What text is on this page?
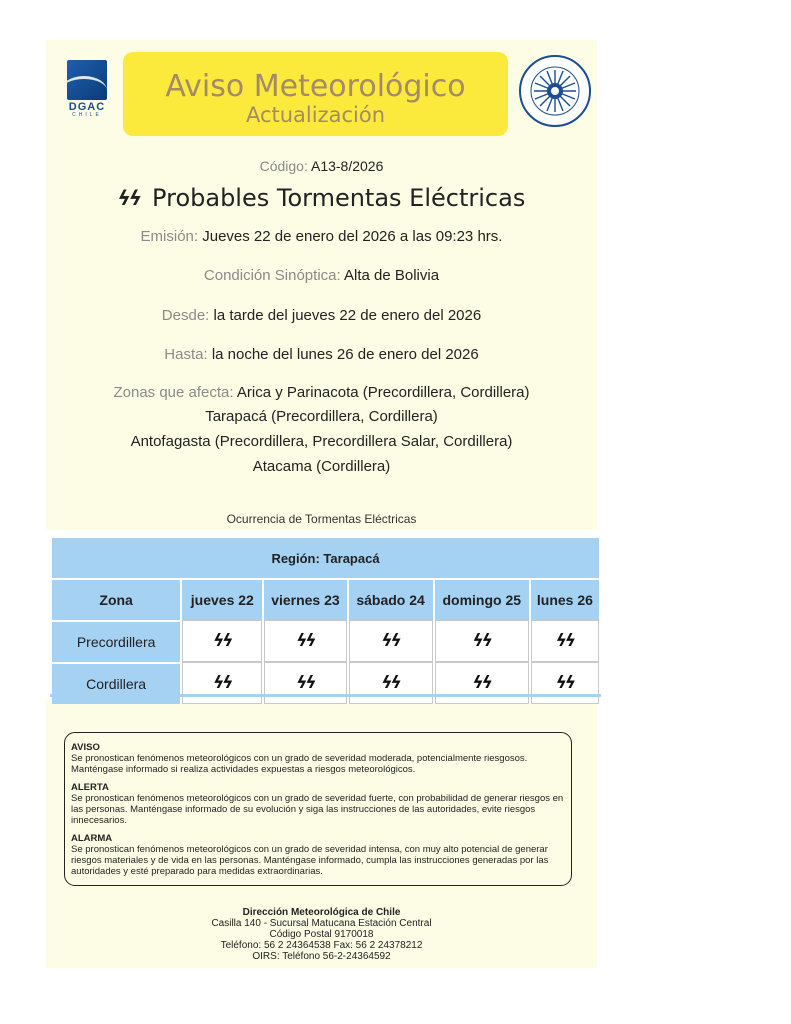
DGAC
CHILE
Aviso Meteorológico
Actualización
Código: A13-8/2026
ϟϟ Probables Tormentas Eléctricas
Emisión: Jueves 22 de enero del 2026 a las 09:23 hrs.
Condición Sinóptica: Alta de Bolivia
Desde: la tarde del jueves 22 de enero del 2026
Hasta: la noche del lunes 26 de enero del 2026
Zonas que afecta: Arica y Parinacota (Precordillera, Cordillera)
Tarapacá (Precordillera, Cordillera)
Antofagasta (Precordillera, Precordillera Salar, Cordillera)
Atacama (Cordillera)
Ocurrencia de Tormentas Eléctricas
Región: Tarapacá					
Zona	jueves 22	viernes 23	sábado 24	domingo 25	lunes 26
Precordillera	ϟϟ	ϟϟ	ϟϟ	ϟϟ	ϟϟ
Cordillera	ϟϟ	ϟϟ	ϟϟ	ϟϟ	ϟϟ
AVISO
Se pronostican fenómenos meteorológicos con un grado de severidad moderada, potencialmente riesgosos. Manténgase informado si realiza actividades expuestas a riesgos meteorológicos.
ALERTA
Se pronostican fenómenos meteorológicos con un grado de severidad fuerte, con probabilidad de generar riesgos en las personas. Manténgase informado de su evolución y siga las instrucciones de las autoridades, evite riesgos innecesarios.
ALARMA
Se pronostican fenómenos meteorológicos con un grado de severidad intensa, con muy alto potencial de generar riesgos materiales y de vida en las personas. Manténgase informado, cumpla las instrucciones generadas por las autoridades y esté preparado para medidas extraordinarias.
Dirección Meteorológica de Chile
Casilla 140 - Sucursal Matucana Estación Central
Código Postal 9170018
Teléfono: 56 2 24364538 Fax: 56 2 24378212
OIRS: Teléfono 56-2-24364592
